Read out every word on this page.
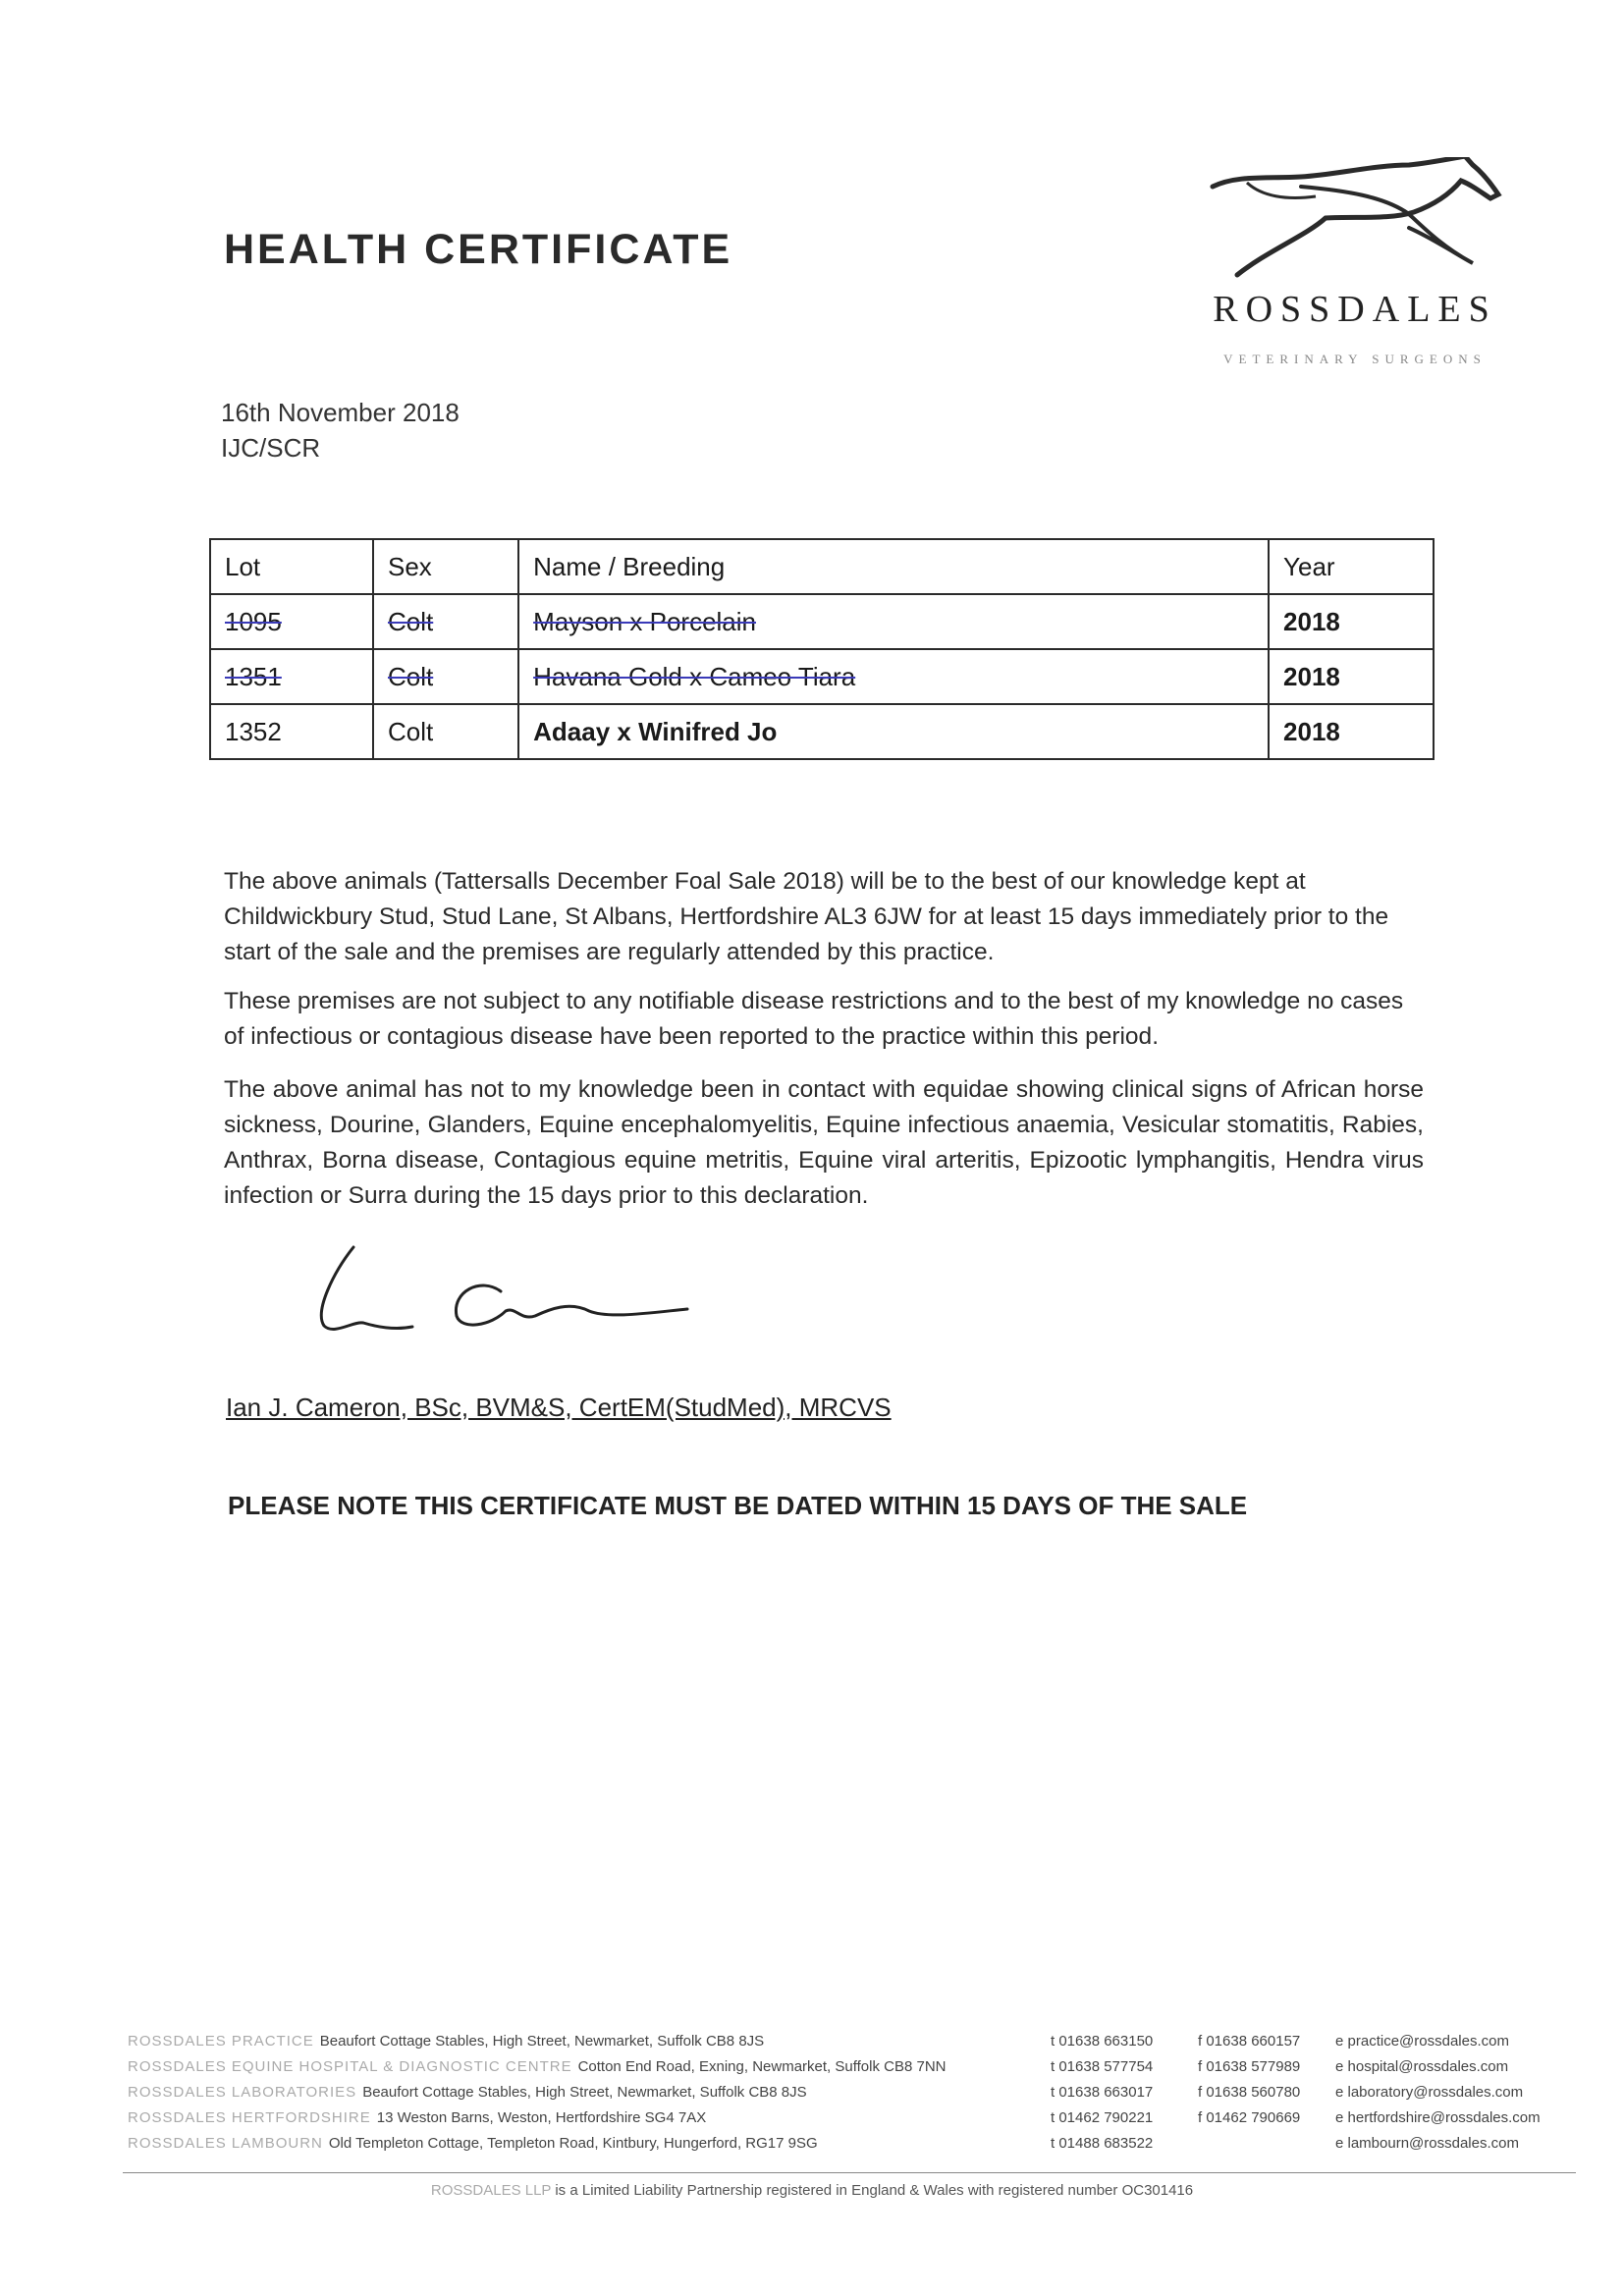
HEALTH CERTIFICATE
ROSSDALES
VETERINARY SURGEONS
16th November 2018
IJC/SCR
Lot	Sex	Name / Breeding	Year
1095	Colt	Mayson x Porcelain	2018
1351	Colt	Havana Gold x Cameo Tiara	2018
1352	Colt	Adaay x Winifred Jo	2018
The above animals (Tattersalls December Foal Sale 2018) will be to the best of our knowledge kept at Childwickbury Stud, Stud Lane, St Albans, Hertfordshire AL3 6JW for at least 15 days immediately prior to the start of the sale and the premises are regularly attended by this practice.
These premises are not subject to any notifiable disease restrictions and to the best of my knowledge no cases of infectious or contagious disease have been reported to the practice within this period.
The above animal has not to my knowledge been in contact with equidae showing clinical signs of African horse sickness, Dourine, Glanders, Equine encephalomyelitis, Equine infectious anaemia, Vesicular stomatitis, Rabies, Anthrax, Borna disease, Contagious equine metritis, Equine viral arteritis, Epizootic lymphangitis, Hendra virus infection or Surra during the 15 days prior to this declaration.
Ian J. Cameron, BSc, BVM&S, CertEM(StudMed), MRCVS
PLEASE NOTE THIS CERTIFICATE MUST BE DATED WITHIN 15 DAYS OF THE SALE
ROSSDALES PRACTICE Beaufort Cottage Stables, High Street, Newmarket, Suffolk CB8 8JS	t 01638 663150	f 01638 660157	e practice@rossdales.com
ROSSDALES EQUINE HOSPITAL & DIAGNOSTIC CENTRE Cotton End Road, Exning, Newmarket, Suffolk CB8 7NN	t 01638 577754	f 01638 577989	e hospital@rossdales.com
ROSSDALES LABORATORIES Beaufort Cottage Stables, High Street, Newmarket, Suffolk CB8 8JS	t 01638 663017	f 01638 560780	e laboratory@rossdales.com
ROSSDALES HERTFORDSHIRE 13 Weston Barns, Weston, Hertfordshire SG4 7AX	t 01462 790221	f 01462 790669	e hertfordshire@rossdales.com
ROSSDALES LAMBOURN Old Templeton Cottage, Templeton Road, Kintbury, Hungerford, RG17 9SG	t 01488 683522	e lambourn@rossdales.com
ROSSDALES LLP is a Limited Liability Partnership registered in England & Wales with registered number OC301416
